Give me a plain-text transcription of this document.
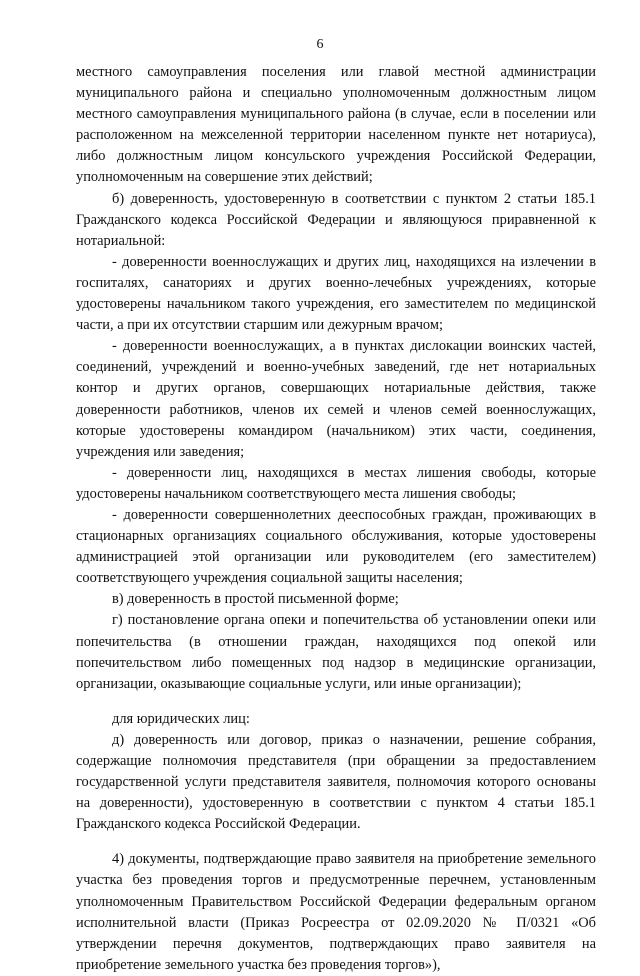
6
местного самоуправления поселения или главой местной администрации муниципального района и специально уполномоченным должностным лицом местного самоуправления муниципального района (в случае, если в поселении или расположенном на межселенной территории населенном пункте нет нотариуса), либо должностным лицом консульского учреждения Российской Федерации, уполномоченным на совершение этих действий;
б) доверенность, удостоверенную в соответствии с пунктом 2 статьи 185.1 Гражданского кодекса Российской Федерации и являющуюся приравненной к нотариальной:
- доверенности военнослужащих и других лиц, находящихся на излечении в госпиталях, санаториях и других военно-лечебных учреждениях, которые удостоверены начальником такого учреждения, его заместителем по медицинской части, а при их отсутствии старшим или дежурным врачом;
- доверенности военнослужащих, а в пунктах дислокации воинских частей, соединений, учреждений и военно-учебных заведений, где нет нотариальных контор и других органов, совершающих нотариальные действия, также доверенности работников, членов их семей и членов семей военнослужащих, которые удостоверены командиром (начальником) этих части, соединения, учреждения или заведения;
- доверенности лиц, находящихся в местах лишения свободы, которые удостоверены начальником соответствующего места лишения свободы;
- доверенности совершеннолетних дееспособных граждан, проживающих в стационарных организациях социального обслуживания, которые удостоверены администрацией этой организации или руководителем (его заместителем) соответствующего учреждения социальной защиты населения;
в) доверенность в простой письменной форме;
г) постановление органа опеки и попечительства об установлении опеки или попечительства (в отношении граждан, находящихся под опекой или попечительством либо помещенных под надзор в медицинские организации, организации, оказывающие социальные услуги, или иные организации);
для юридических лиц:
д) доверенность или договор, приказ о назначении, решение собрания, содержащие полномочия представителя (при обращении за предоставлением государственной услуги представителя заявителя, полномочия которого основаны на доверенности), удостоверенную в соответствии с пунктом 4 статьи 185.1 Гражданского кодекса Российской Федерации.
4) документы, подтверждающие право заявителя на приобретение земельного участка без проведения торгов и предусмотренные перечнем, установленным уполномоченным Правительством Российской Федерации федеральным органом исполнительной власти (Приказ Росреестра от 02.09.2020 № П/0321 «Об утверждении перечня документов, подтверждающих право заявителя на приобретение земельного участка без проведения торгов»),
